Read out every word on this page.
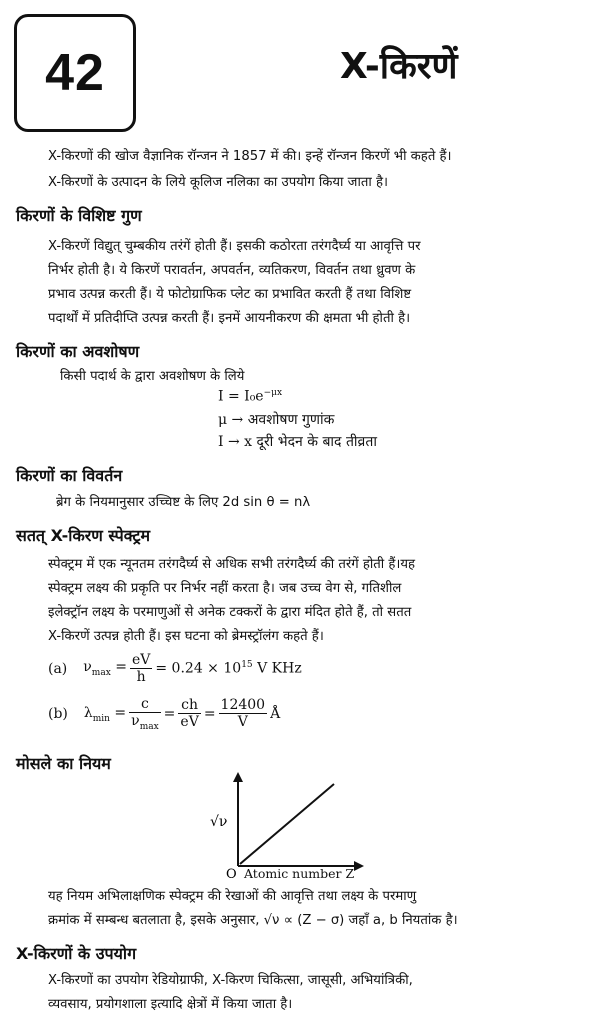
42	X-किरणें
X-किरणों की खोज वैज्ञानिक रॉन्जन ने 1857 में की। इन्हें रॉन्जन किरणें भी कहते हैं।
X-किरणों के उत्पादन के लिये कूलिज नलिका का उपयोग किया जाता है।
किरणों के विशिष्ट गुण
X-किरणें विद्युत् चुम्बकीय तरंगें होती हैं। इसकी कठोरता तरंगदैर्घ्य या आवृत्ति पर
निर्भर होती है। ये किरणें परावर्तन, अपवर्तन, व्यतिकरण, विवर्तन तथा ध्रुवण के
प्रभाव उत्पन्न करती हैं। ये फोटोग्राफिक प्लेट का प्रभावित करती हैं तथा विशिष्ट
पदार्थों में प्रतिदीप्ति उत्पन्न करती हैं। इनमें आयनीकरण की क्षमता भी होती है।
किरणों का अवशोषण
किसी पदार्थ के द्वारा अवशोषण के लिये
$I = I_0e^{-\mu x}$
μ → अवशोषण गुणांक
I → x दूरी भेदन के बाद तीव्रता
किरणों का विवर्तन
ब्रेग के नियमानुसार उच्चिष्ट के लिए 2d sin θ = nλ
सतत् X-किरण स्पेक्ट्रम
स्पेक्ट्रम में एक न्यूनतम तरंगदैर्घ्य से अधिक सभी तरंगदैर्घ्य की तरंगें होती हैं।यह
स्पेक्ट्रम लक्ष्य की प्रकृति पर निर्भर नहीं करता है। जब उच्च वेग से, गतिशील
इलेक्ट्रॉन लक्ष्य के परमाणुओं से अनेक टक्करों के द्वारा मंदित होते हैं, तो सतत
X-किरणें उत्पन्न होती हैं। इस घटना को ब्रेमस्ट्रॉलंग कहते हैं।
(a) $\nu_{max} = \frac{eV}{h} = 0.24 \times 10^{15}$ V KHz
(b) $\lambda_{min} = \frac{c}{\nu_{max}} = \frac{ch}{eV} = \frac{12400}{V}$ Å
मोसले का नियम
√ν
O Atomic number Z
यह नियम अभिलाक्षणिक स्पेक्ट्रम की रेखाओं की आवृत्ति तथा लक्ष्य के परमाणु
क्रमांक में सम्बन्ध बतलाता है, इसके अनुसार, √ν ∝ (Z − σ) जहाँ a, b नियतांक है।
X-किरणों के उपयोग
X-किरणों का उपयोग रेडियोग्राफी, X-किरण चिकित्सा, जासूसी, अभियांत्रिकी,
व्यवसाय, प्रयोगशाला इत्यादि क्षेत्रों में किया जाता है।
